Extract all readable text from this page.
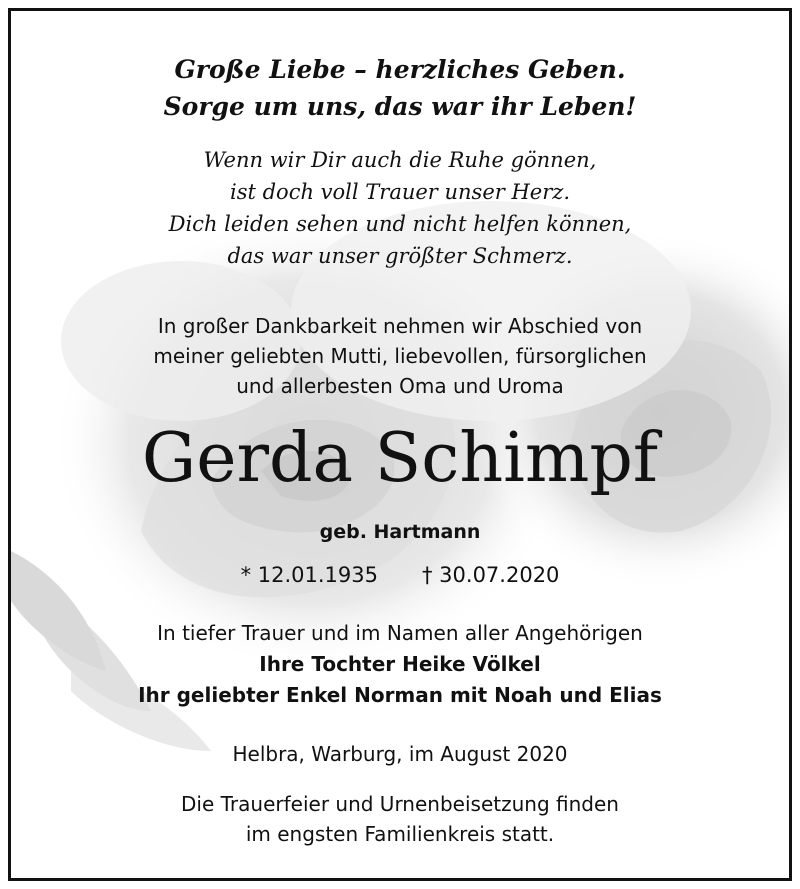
Große Liebe – herzliches Geben.
Sorge um uns, das war ihr Leben!
Wenn wir Dir auch die Ruhe gönnen,
ist doch voll Trauer unser Herz.
Dich leiden sehen und nicht helfen können,
das war unser größter Schmerz.
In großer Dankbarkeit nehmen wir Abschied von
meiner geliebten Mutti, liebevollen, fürsorglichen
und allerbesten Oma und Uroma
Gerda Schimpf
geb. Hartmann
* 12.01.1935 † 30.07.2020
In tiefer Trauer und im Namen aller Angehörigen
Ihre Tochter Heike Völkel
Ihr geliebter Enkel Norman mit Noah und Elias
Helbra, Warburg, im August 2020
Die Trauerfeier und Urnenbeisetzung finden
im engsten Familienkreis statt.
